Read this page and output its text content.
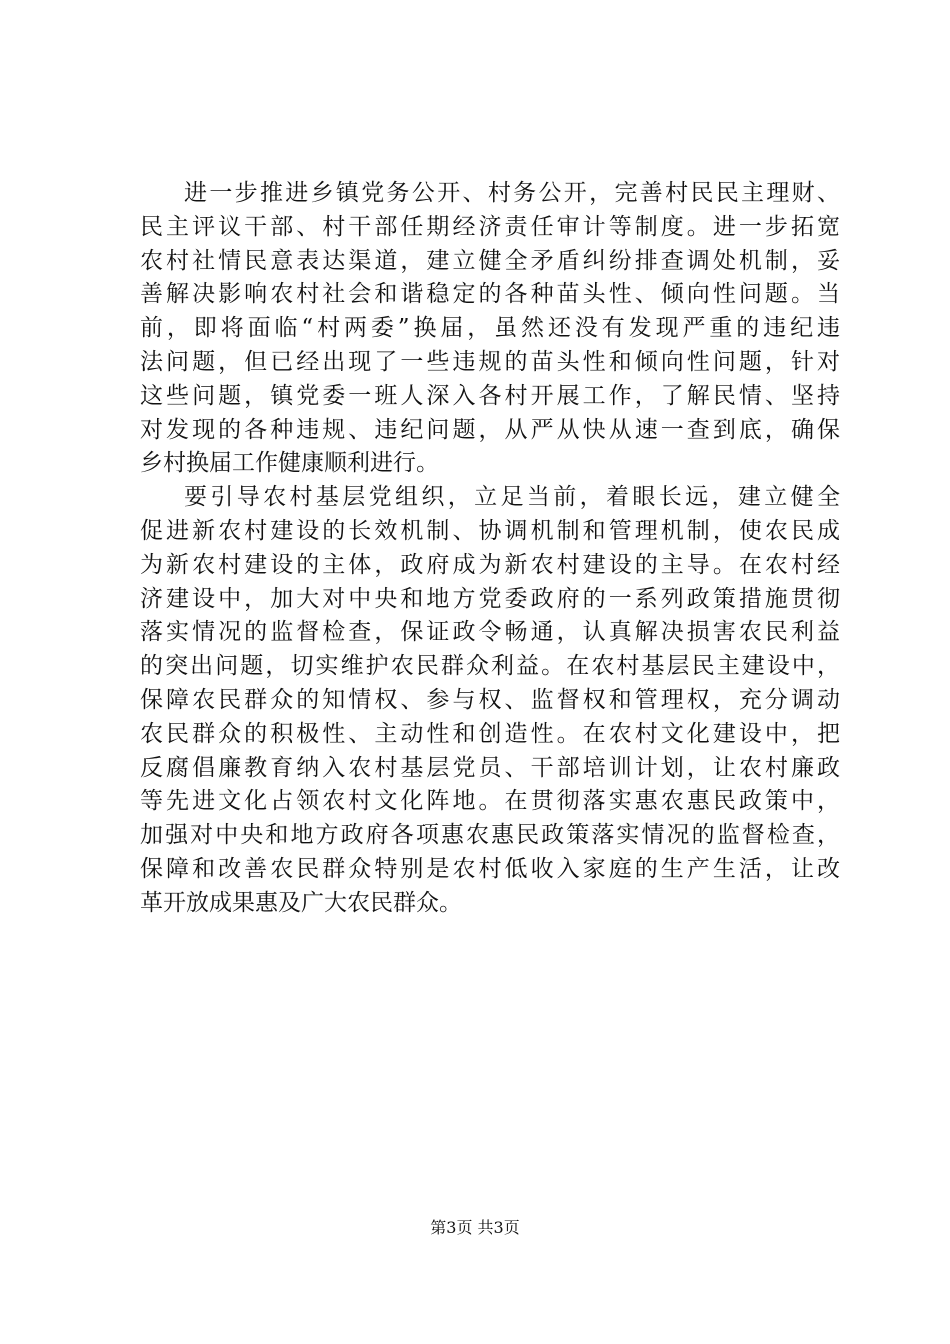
进一步推进乡镇党务公开、村务公开，完善村民民主理财、
民主评议干部、村干部任期经济责任审计等制度。进一步拓宽
农村社情民意表达渠道，建立健全矛盾纠纷排查调处机制，妥
善解决影响农村社会和谐稳定的各种苗头性、倾向性问题。当
前，即将面临“村两委”换届，虽然还没有发现严重的违纪违
法问题，但已经出现了一些违规的苗头性和倾向性问题，针对
这些问题，镇党委一班人深入各村开展工作，了解民情、坚持
对发现的各种违规、违纪问题，从严从快从速一查到底，确保
乡村换届工作健康顺利进行。
要引导农村基层党组织，立足当前，着眼长远，建立健全
促进新农村建设的长效机制、协调机制和管理机制，使农民成
为新农村建设的主体，政府成为新农村建设的主导。在农村经
济建设中，加大对中央和地方党委政府的一系列政策措施贯彻
落实情况的监督检查，保证政令畅通，认真解决损害农民利益
的突出问题，切实维护农民群众利益。在农村基层民主建设中，
保障农民群众的知情权、参与权、监督权和管理权，充分调动
农民群众的积极性、主动性和创造性。在农村文化建设中，把
反腐倡廉教育纳入农村基层党员、干部培训计划，让农村廉政
等先进文化占领农村文化阵地。在贯彻落实惠农惠民政策中，
加强对中央和地方政府各项惠农惠民政策落实情况的监督检查，
保障和改善农民群众特别是农村低收入家庭的生产生活，让改
革开放成果惠及广大农民群众。
第3页 共3页
